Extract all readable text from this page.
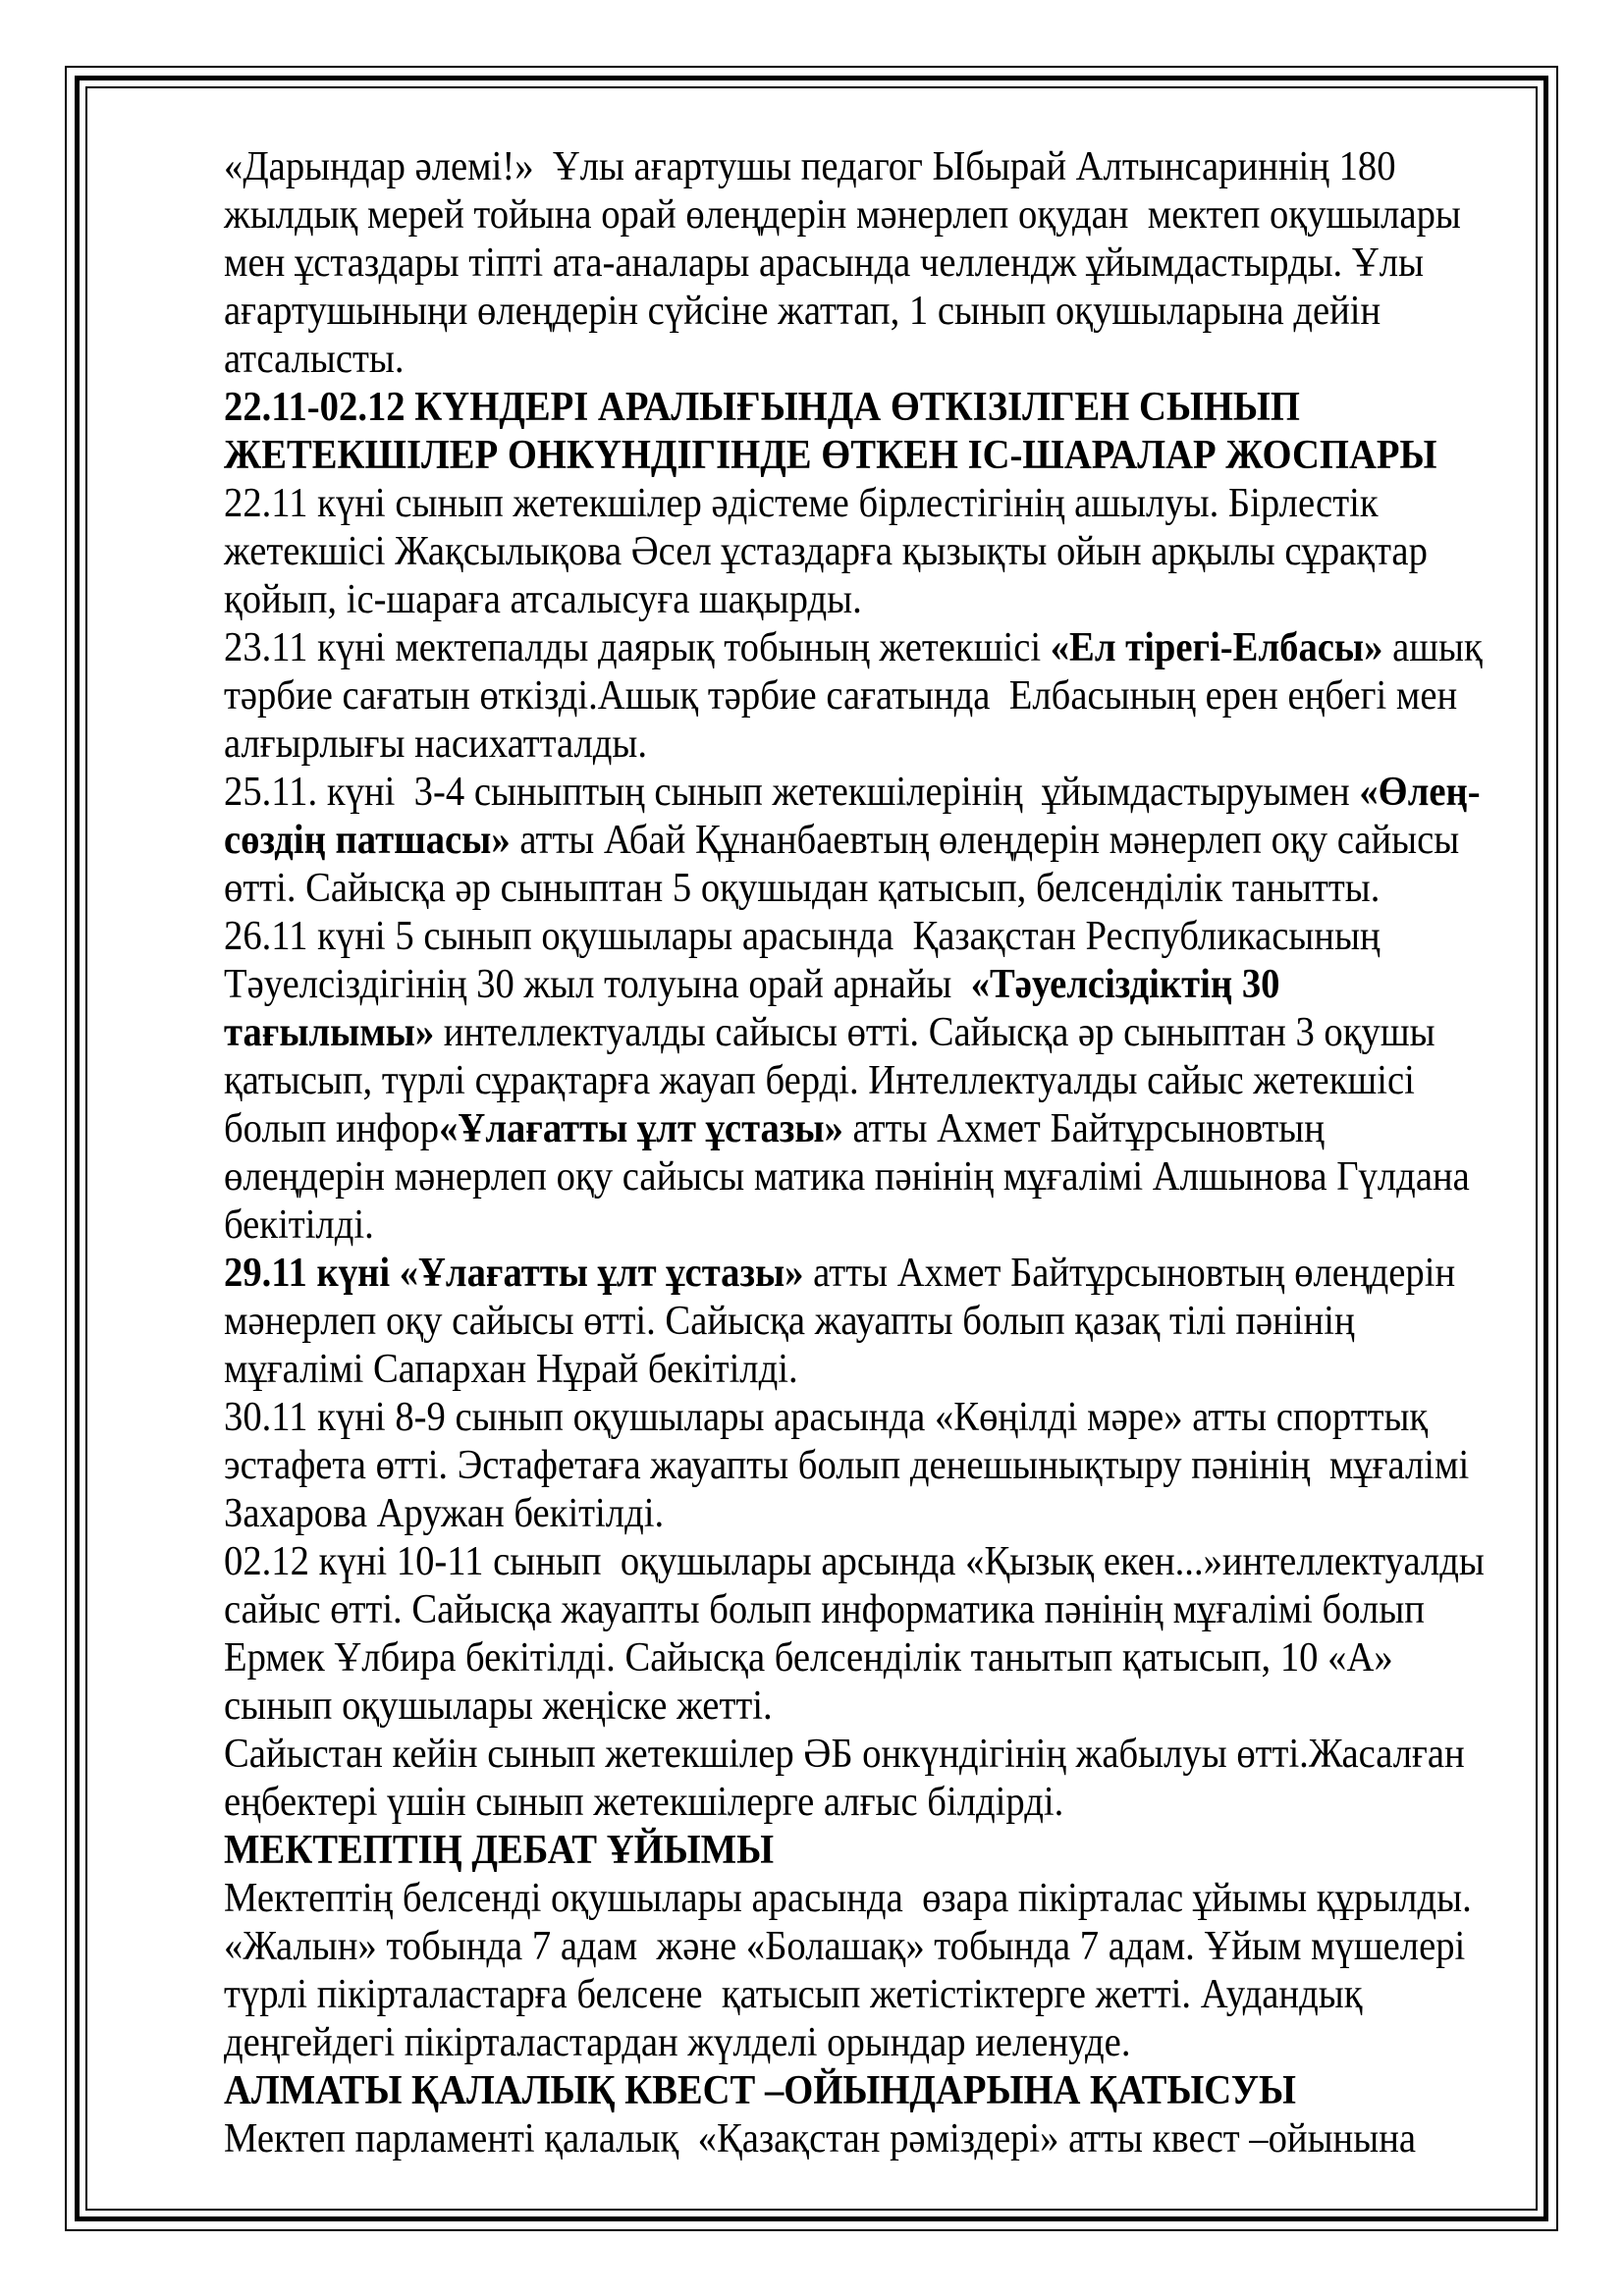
«Дарындар әлемі!»  Ұлы ағартушы педагог Ыбырай Алтынсариннің 180
жылдық мерей тойына орай өлеңдерін мәнерлеп оқудан  мектеп оқушылары
мен ұстаздары тіпті ата-аналары арасында челлендж ұйымдастырды. Ұлы
ағартушыныңи өлеңдерін сүйсіне жаттап, 1 сынып оқушыларына дейін
атсалысты.
22.11-02.12 КҮНДЕРІ АРАЛЫҒЫНДА ӨТКІЗІЛГЕН СЫНЫП
ЖЕТЕКШІЛЕР ОНКҮНДІГІНДЕ ӨТКЕН ІС-ШАРАЛАР ЖОСПАРЫ
22.11 күні сынып жетекшілер әдістеме бірлестігінің ашылуы. Бірлестік
жетекшісі Жақсылықова Әсел ұстаздарға қызықты ойын арқылы сұрақтар
қойып, іс-шараға атсалысуға шақырды.
23.11 күні мектепалды даярық тобының жетекшісі «Ел тірегі-Елбасы» ашық
тәрбие сағатын өткізді.Ашық тәрбие сағатында  Елбасының ерен еңбегі мен
алғырлығы насихатталды.
25.11. күні  3-4 сыныптың сынып жетекшілерінің  ұйымдастыруымен «Өлең-
сөздің патшасы» атты Абай Құнанбаевтың өлеңдерін мәнерлеп оқу сайысы
өтті. Сайысқа әр сыныптан 5 оқушыдан қатысып, белсенділік танытты.
26.11 күні 5 сынып оқушылары арасында  Қазақстан Республикасының
Тәуелсіздігінің 30 жыл толуына орай арнайы  «Тәуелсіздіктің 30
тағылымы» интеллектуалды сайысы өтті. Сайысқа әр сыныптан 3 оқушы
қатысып, түрлі сұрақтарға жауап берді. Интеллектуалды сайыс жетекшісі
болып инфор«Ұлағатты ұлт ұстазы» атты Ахмет Байтұрсыновтың
өлеңдерін мәнерлеп оқу сайысы матика пәнінің мұғалімі Алшынова Гүлдана
бекітілді.
29.11 күні «Ұлағатты ұлт ұстазы» атты Ахмет Байтұрсыновтың өлеңдерін
мәнерлеп оқу сайысы өтті. Сайысқа жауапты болып қазақ тілі пәнінің
мұғалімі Сапархан Нұрай бекітілді.
30.11 күні 8-9 сынып оқушылары арасында «Көңілді мәре» атты спорттық
эстафета өтті. Эстафетаға жауапты болып денешынықтыру пәнінің  мұғалімі
Захарова Аружан бекітілді.
02.12 күні 10-11 сынып  оқушылары арсында «Қызық екен...»интеллектуалды
сайыс өтті. Сайысқа жауапты болып информатика пәнінің мұғалімі болып
Ермек Ұлбира бекітілді. Сайысқа белсенділік танытып қатысып, 10 «А»
сынып оқушылары жеңіске жетті.
Сайыстан кейін сынып жетекшілер ӘБ онкүндігінің жабылуы өтті.Жасалған
еңбектері үшін сынып жетекшілерге алғыс білдірді.
МЕКТЕПТІҢ ДЕБАТ ҰЙЫМЫ
Мектептің белсенді оқушылары арасында  өзара пікірталас ұйымы құрылды.
«Жалын» тобында 7 адам  және «Болашақ» тобында 7 адам. Ұйым мүшелері
түрлі пікірталастарға белсене  қатысып жетістіктерге жетті. Аудандық
деңгейдегі пікірталастардан жүлделі орындар иеленуде.
АЛМАТЫ ҚАЛАЛЫҚ КВЕСТ –ОЙЫНДАРЫНА ҚАТЫСУЫ
Мектеп парламенті қалалық  «Қазақстан рәміздері» атты квест –ойынына
